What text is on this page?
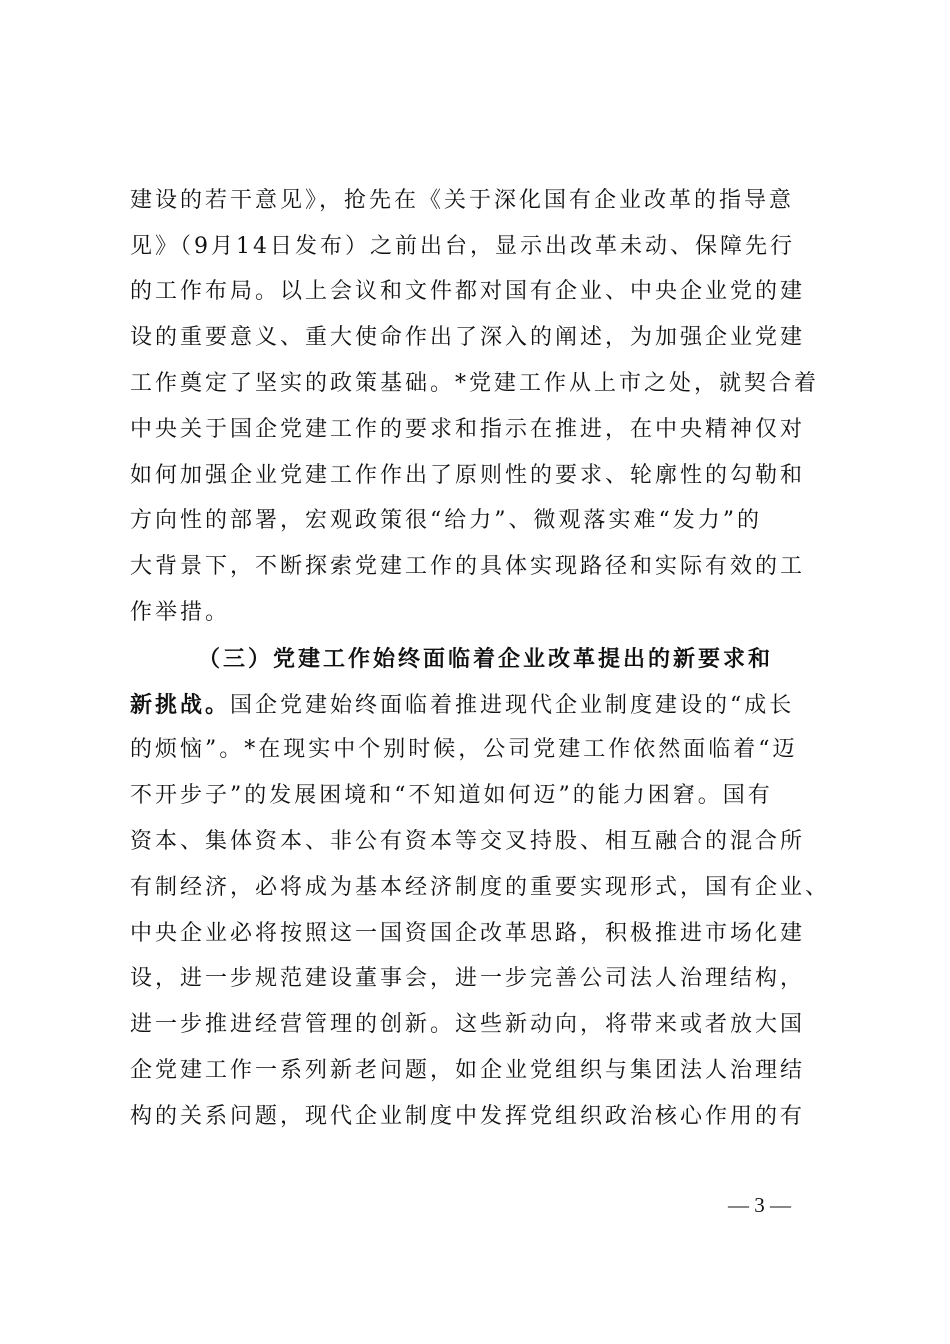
建设的若干意见》，抢先在《关于深化国有企业改革的指导意
见》（9月14日发布）之前出台，显示出改革未动、保障先行
的工作布局。以上会议和文件都对国有企业、中央企业党的建
设的重要意义、重大使命作出了深入的阐述，为加强企业党建
工作奠定了坚实的政策基础。*党建工作从上市之处，就契合着
中央关于国企党建工作的要求和指示在推进，在中央精神仅对
如何加强企业党建工作作出了原则性的要求、轮廓性的勾勒和
方向性的部署，宏观政策很“给力”、微观落实难“发力”的
大背景下，不断探索党建工作的具体实现路径和实际有效的工
作举措。
（三）党建工作始终面临着企业改革提出的新要求和
新挑战。国企党建始终面临着推进现代企业制度建设的“成长
的烦恼”。*在现实中个别时候，公司党建工作依然面临着“迈
不开步子”的发展困境和“不知道如何迈”的能力困窘。国有
资本、集体资本、非公有资本等交叉持股、相互融合的混合所
有制经济，必将成为基本经济制度的重要实现形式，国有企业、
中央企业必将按照这一国资国企改革思路，积极推进市场化建
设，进一步规范建设董事会，进一步完善公司法人治理结构，
进一步推进经营管理的创新。这些新动向，将带来或者放大国
企党建工作一系列新老问题，如企业党组织与集团法人治理结
构的关系问题，现代企业制度中发挥党组织政治核心作用的有
— 3 —
